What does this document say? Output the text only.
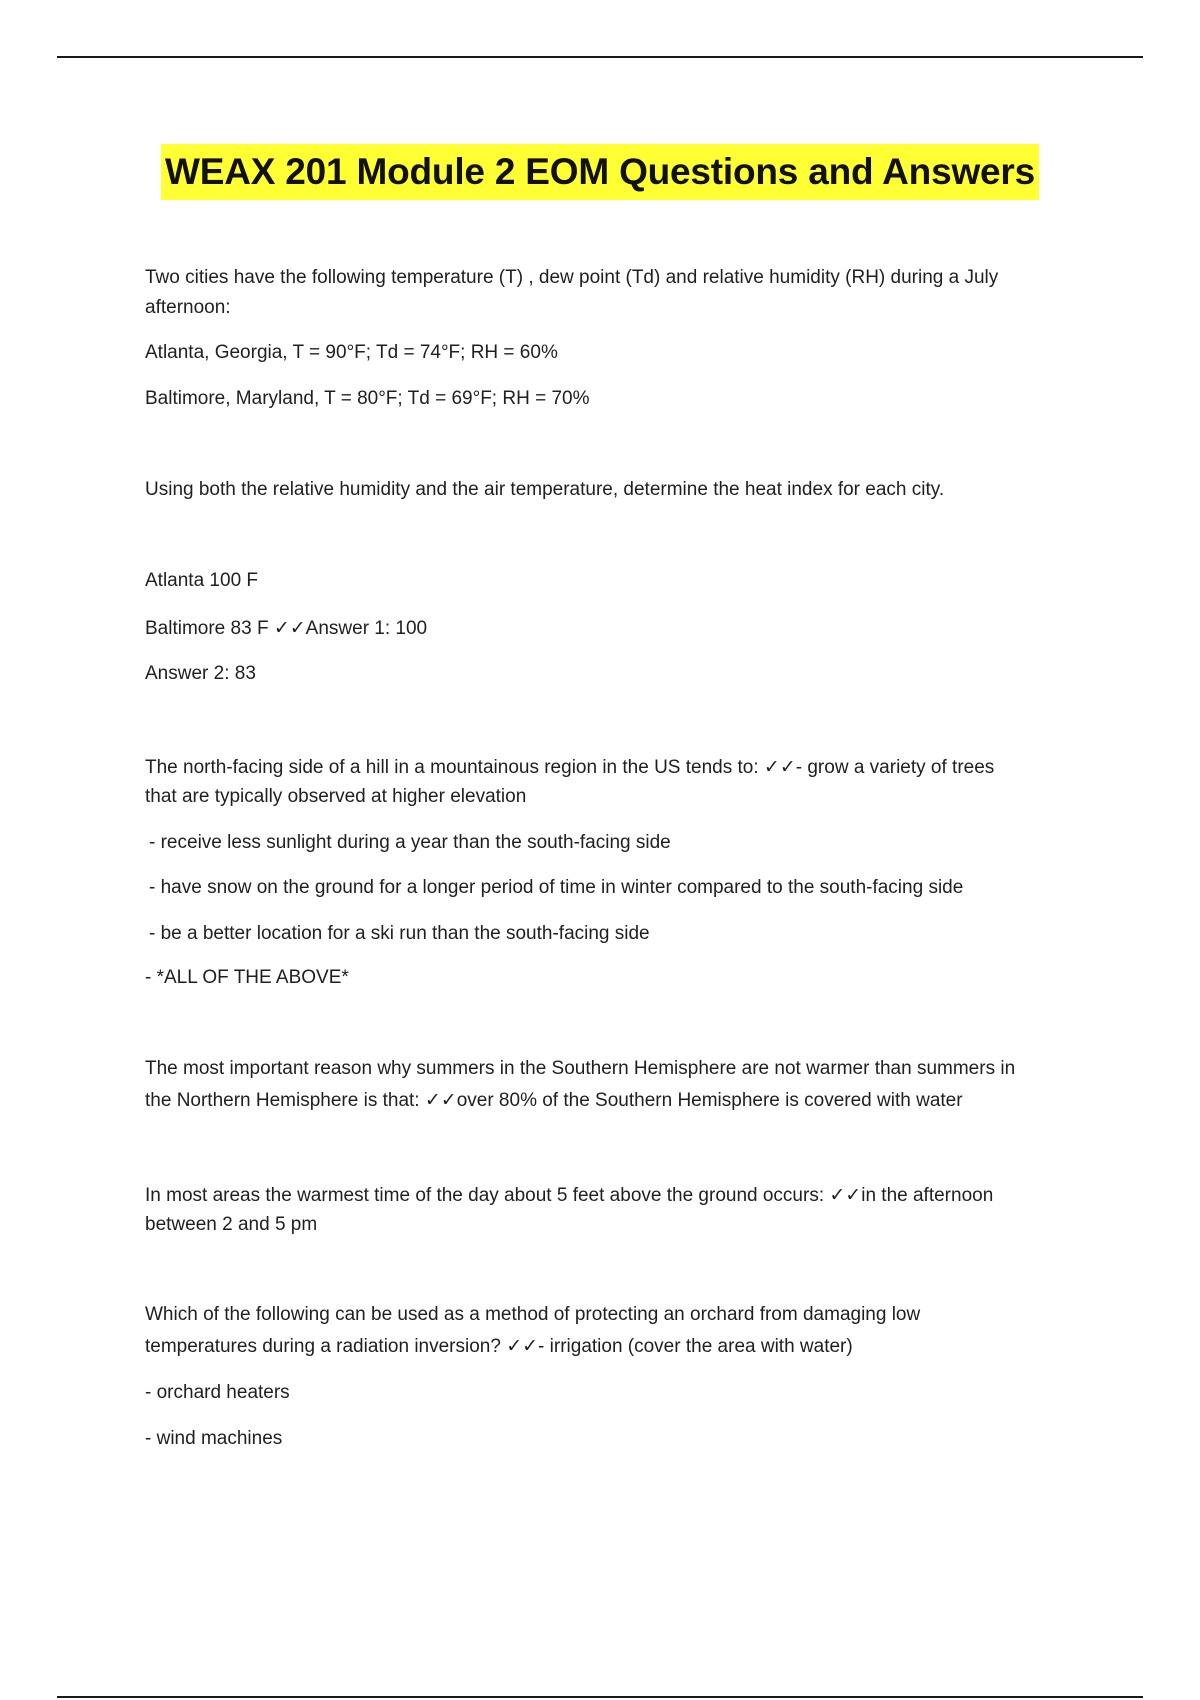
WEAX 201 Module 2 EOM Questions and Answers
Two cities have the following temperature (T) , dew point (Td) and relative humidity (RH) during a July
afternoon:
Atlanta, Georgia, T = 90°F; Td = 74°F; RH = 60%
Baltimore, Maryland, T = 80°F; Td = 69°F; RH = 70%
Using both the relative humidity and the air temperature, determine the heat index for each city.
Atlanta 100 F
Baltimore 83 F ✓✓Answer 1: 100
Answer 2: 83
The north-facing side of a hill in a mountainous region in the US tends to: ✓✓- grow a variety of trees
that are typically observed at higher elevation
- receive less sunlight during a year than the south-facing side
- have snow on the ground for a longer period of time in winter compared to the south-facing side
- be a better location for a ski run than the south-facing side
- *ALL OF THE ABOVE*
The most important reason why summers in the Southern Hemisphere are not warmer than summers in
the Northern Hemisphere is that: ✓✓over 80% of the Southern Hemisphere is covered with water
In most areas the warmest time of the day about 5 feet above the ground occurs: ✓✓in the afternoon
between 2 and 5 pm
Which of the following can be used as a method of protecting an orchard from damaging low
temperatures during a radiation inversion? ✓✓- irrigation (cover the area with water)
- orchard heaters
- wind machines
